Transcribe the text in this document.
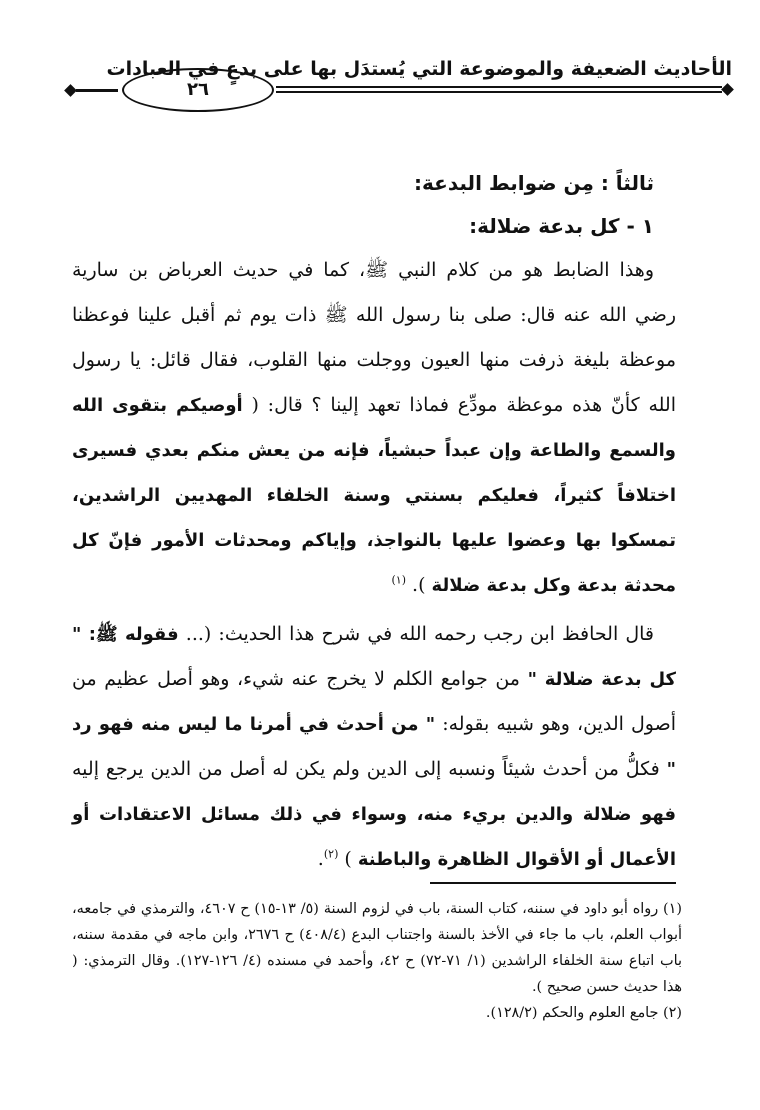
٢٦
الأحاديث الضعيفة والموضوعة التي يُستدَل بها على بدعٍ في العبادات

ثالثاً : مِن ضوابط البدعة:

١ - كل بدعة ضلالة:

وهذا الضابط هو من كلام النبي ﷺ، كما في حديث العرباض بن سارية رضي الله عنه قال: صلى بنا رسول الله ﷺ ذات يوم ثم أقبل علينا فوعظنا موعظة بليغة ذرفت منها العيون ووجلت منها القلوب، فقال قائل: يا رسول الله كأنّ هذه موعظة مودِّع فماذا تعهد إلينا ؟ قال: ( أوصيكم بتقوى الله والسمع والطاعة وإن عبداً حبشياً، فإنه من يعش منكم بعدي فسيرى اختلافاً كثيراً، فعليكم بسنتي وسنة الخلفاء المهديين الراشدين، تمسكوا بها وعضوا عليها بالنواجذ، وإياكم ومحدثات الأمور فإنّ كل محدثة بدعة وكل بدعة ضلالة ). $^{(١)}$

قال الحافظ ابن رجب رحمه الله في شرح هذا الحديث: (... فقوله ﷺ: " كل بدعة ضلالة " من جوامع الكلم لا يخرج عنه شيء، وهو أصل عظيم من أصول الدين، وهو شبيه بقوله: " من أحدث في أمرنا ما ليس منه فهو رد " فكلُّ من أحدث شيئاً ونسبه إلى الدين ولم يكن له أصل من الدين يرجع إليه فهو ضلالة والدين بريء منه، وسواء في ذلك مسائل الاعتقادات أو الأعمال أو الأقوال الظاهرة والباطنة ) $^{(٢)}$.

(١) رواه أبو داود في سننه، كتاب السنة، باب في لزوم السنة (٥/ ١٣-١٥) ح ٤٦٠٧، والترمذي في جامعه، أبواب العلم، باب ما جاء في الأخذ بالسنة واجتناب البدع (٤٠٨/٤) ح ٢٦٧٦، وابن ماجه في مقدمة سننه، باب اتباع سنة الخلفاء الراشدين (١/ ٧١-٧٢) ح ٤٢، وأحمد في مسنده (٤/ ١٢٦-١٢٧). وقال الترمذي: ( هذا حديث حسن صحيح ).

(٢) جامع العلوم والحكم (١٢٨/٢).
